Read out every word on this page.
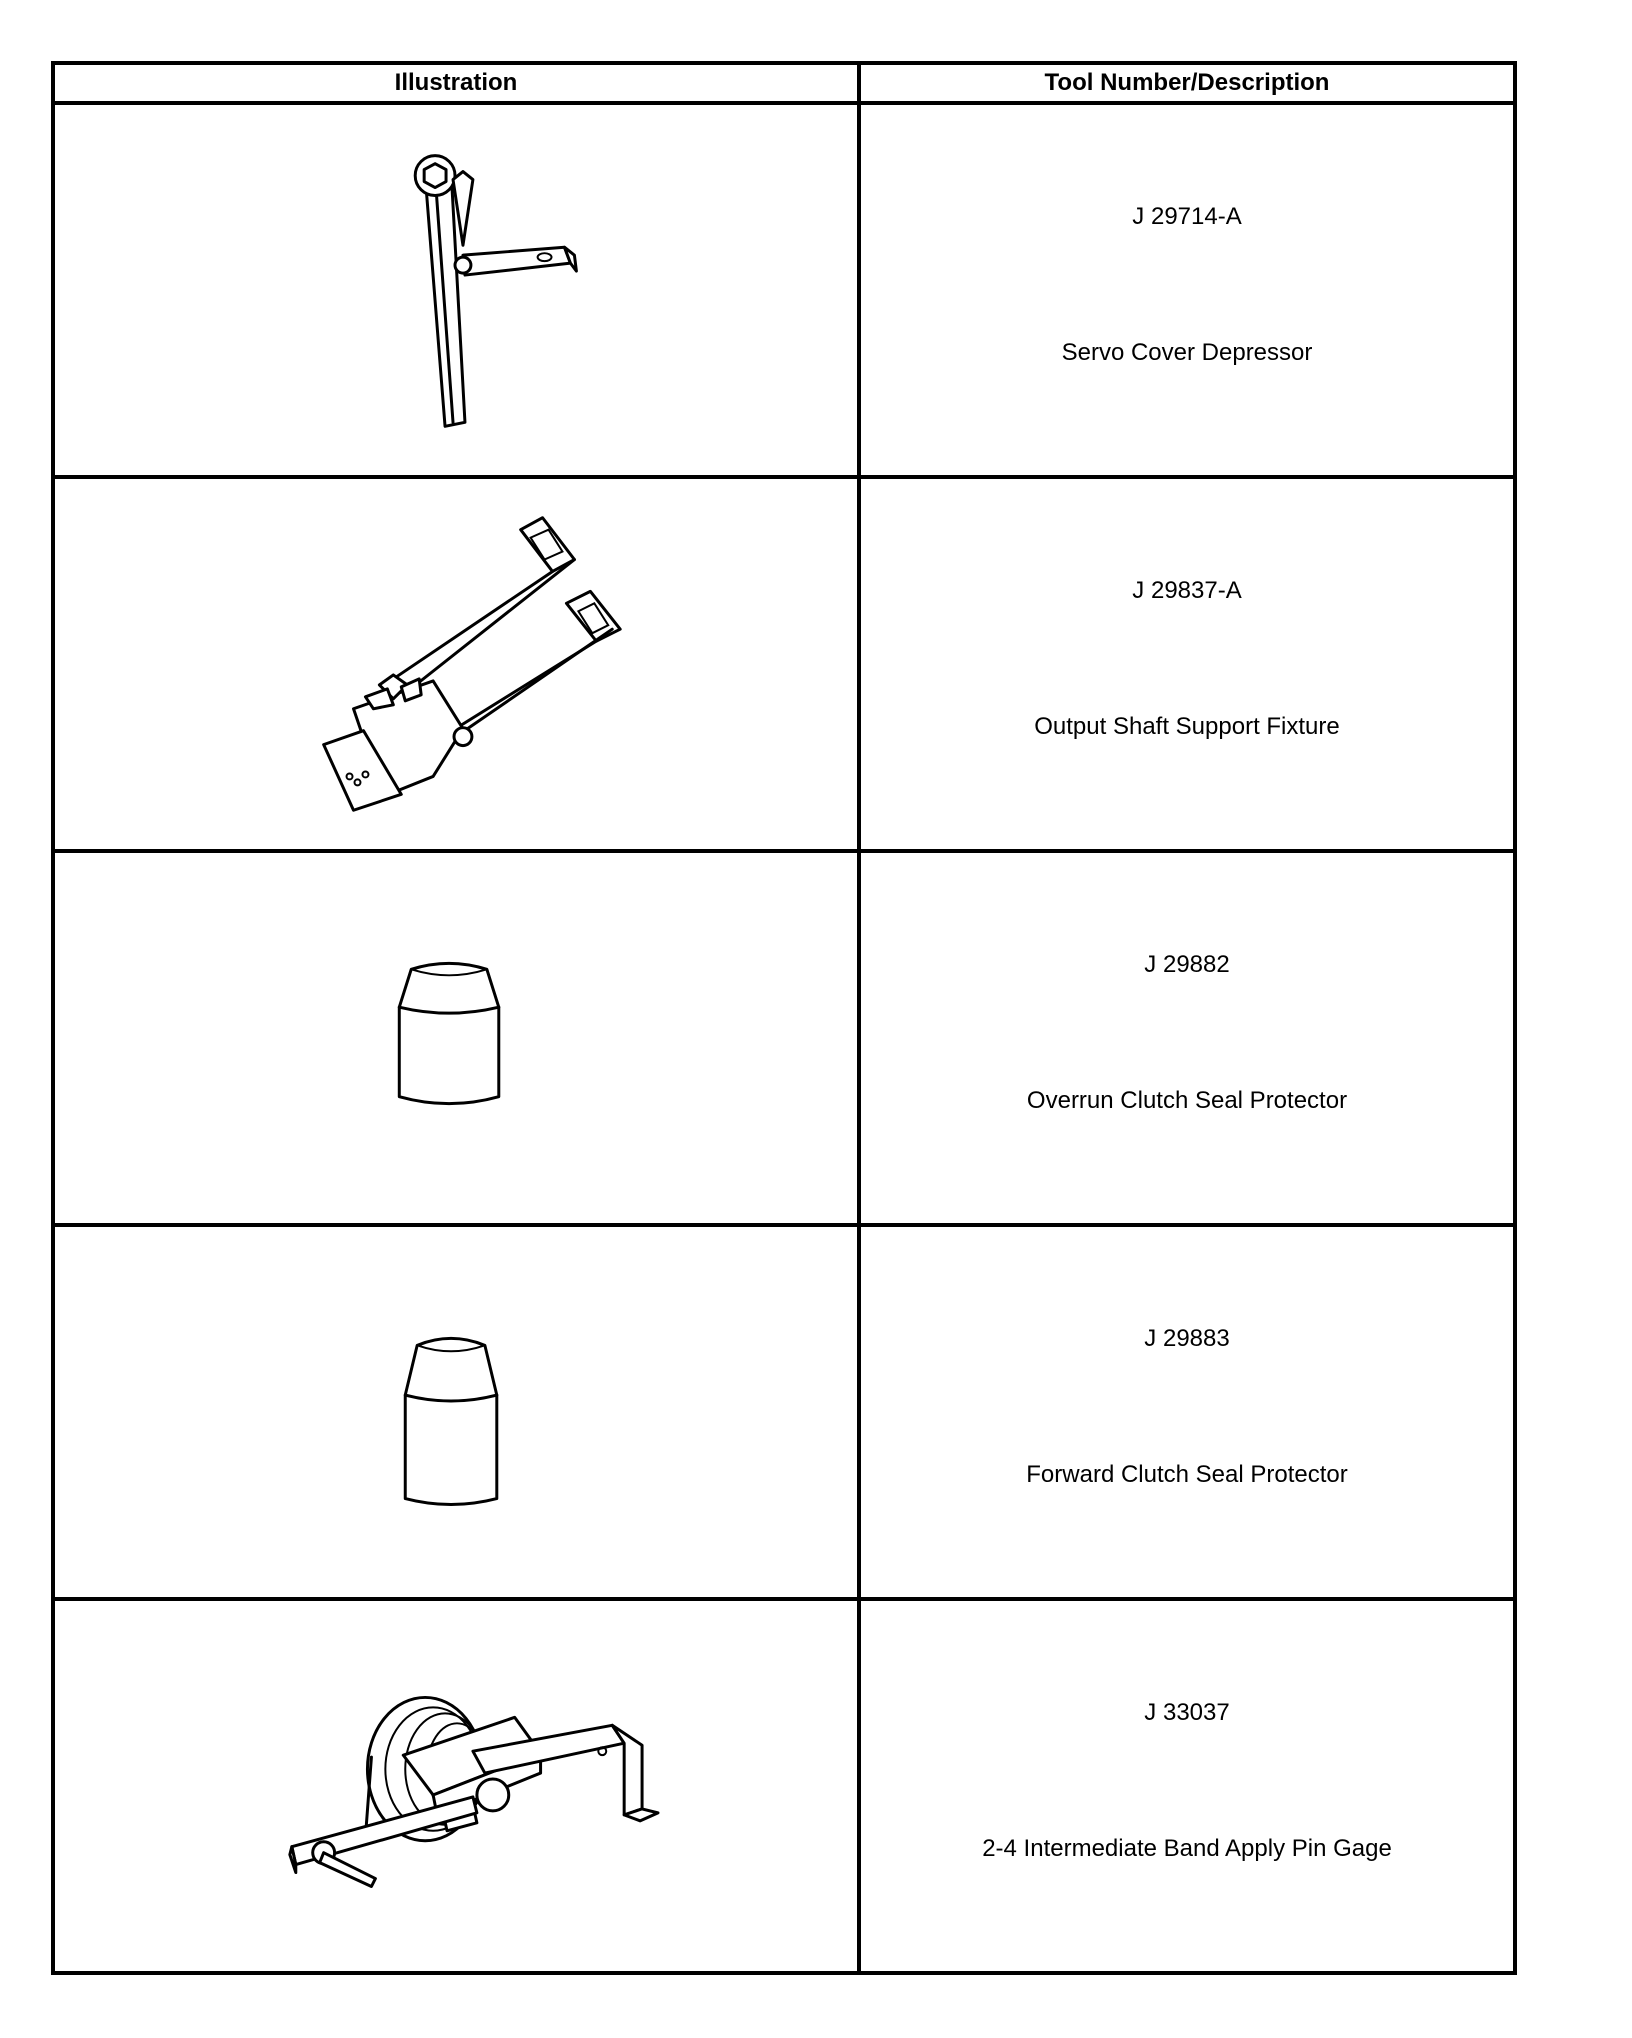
Illustration	Tool Number/Description

J 29714-A
Servo Cover Depressor

J 29837-A
Output Shaft Support Fixture

J 29882
Overrun Clutch Seal Protector

J 29883
Forward Clutch Seal Protector

J 33037
2-4 Intermediate Band Apply Pin Gage
